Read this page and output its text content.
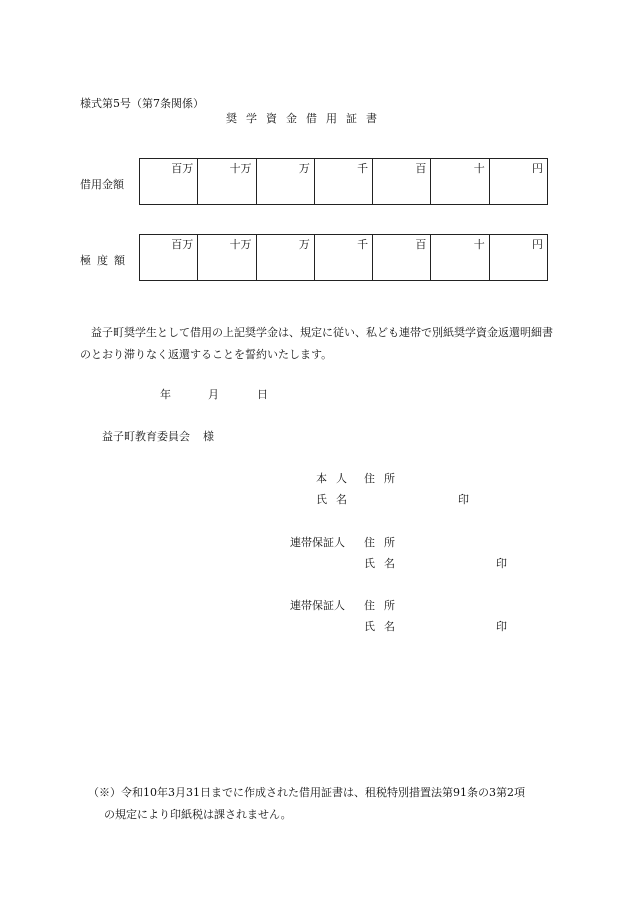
様式第5号（第7条関係）
奨学資金借用証書
借用金額
百万	十万	万	千	百	十	円
極度額
百万	十万	万	千	百	十	円
益子町奨学生として借用の上記奨学金は、規定に従い、私ども連帯で別紙奨学資金返還明細書のとおり滞りなく返還することを誓約いたします。
年	月	日
益子町教育委員会 様
本人 住所
氏名	印
連帯保証人 住所
氏名	印
連帯保証人 住所
氏名	印
（※）令和10年3月31日までに作成された借用証書は、租税特別措置法第91条の3第2項
の規定により印紙税は課されません。
